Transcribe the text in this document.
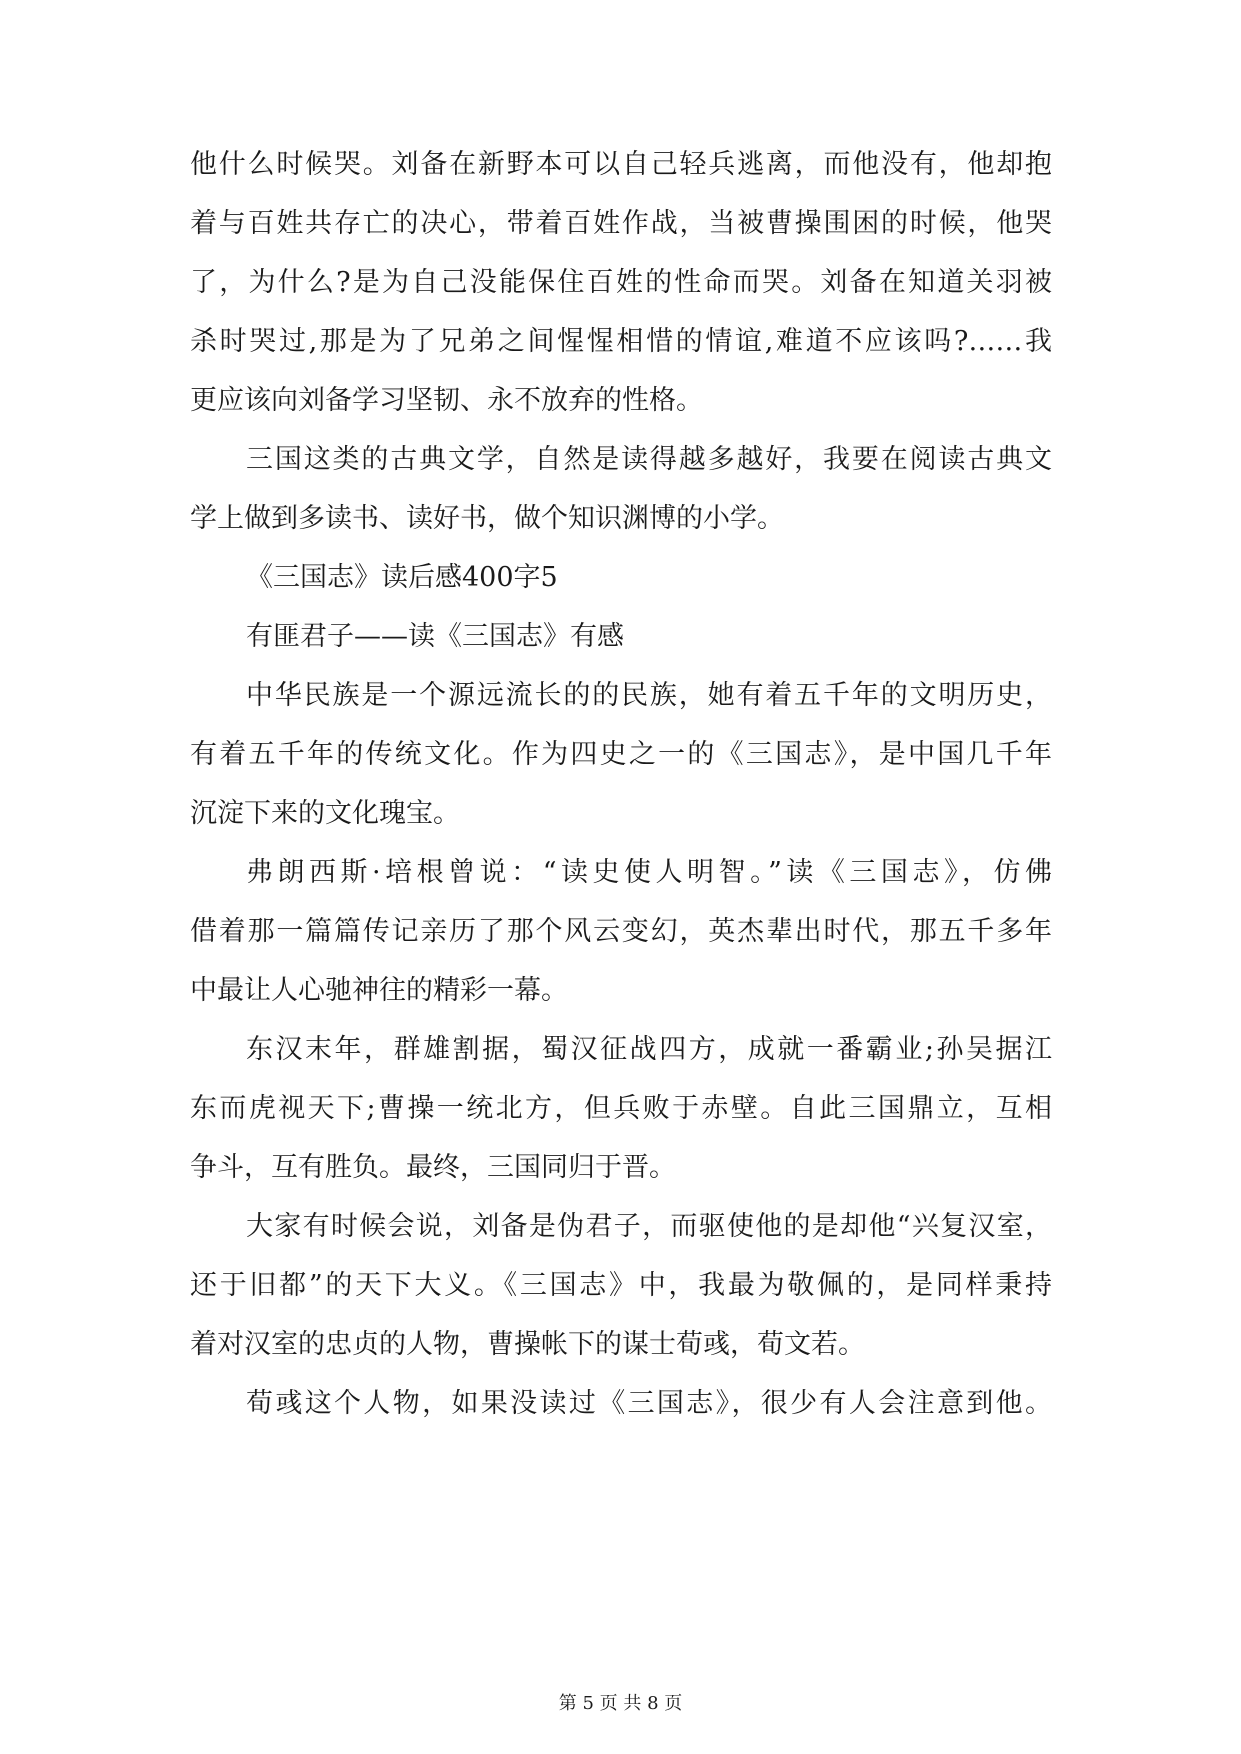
他什么时候哭。刘备在新野本可以自己轻兵逃离，而他没有，他却抱
着与百姓共存亡的决心，带着百姓作战，当被曹操围困的时候，他哭
了，为什么?是为自己没能保住百姓的性命而哭。刘备在知道关羽被
杀时哭过,那是为了兄弟之间惺惺相惜的情谊,难道不应该吗?……我
更应该向刘备学习坚韧、永不放弃的性格。
三国这类的古典文学，自然是读得越多越好，我要在阅读古典文
学上做到多读书、读好书，做个知识渊博的小学。
《三国志》读后感400字5
有匪君子——读《三国志》有感
中华民族是一个源远流长的的民族，她有着五千年的文明历史，
有着五千年的传统文化。作为四史之一的《三国志》，是中国几千年
沉淀下来的文化瑰宝。
弗朗西斯·培根曾说：“读史使人明智。”读《三国志》，仿佛
借着那一篇篇传记亲历了那个风云变幻，英杰辈出时代，那五千多年
中最让人心驰神往的精彩一幕。
东汉末年，群雄割据，蜀汉征战四方，成就一番霸业;孙吴据江
东而虎视天下;曹操一统北方，但兵败于赤壁。自此三国鼎立，互相
争斗，互有胜负。最终，三国同归于晋。
大家有时候会说，刘备是伪君子，而驱使他的是却他“兴复汉室，
还于旧都”的天下大义。《三国志》中，我最为敬佩的，是同样秉持
着对汉室的忠贞的人物，曹操帐下的谋士荀彧，荀文若。
荀彧这个人物，如果没读过《三国志》，很少有人会注意到他。
第 5 页 共 8 页
